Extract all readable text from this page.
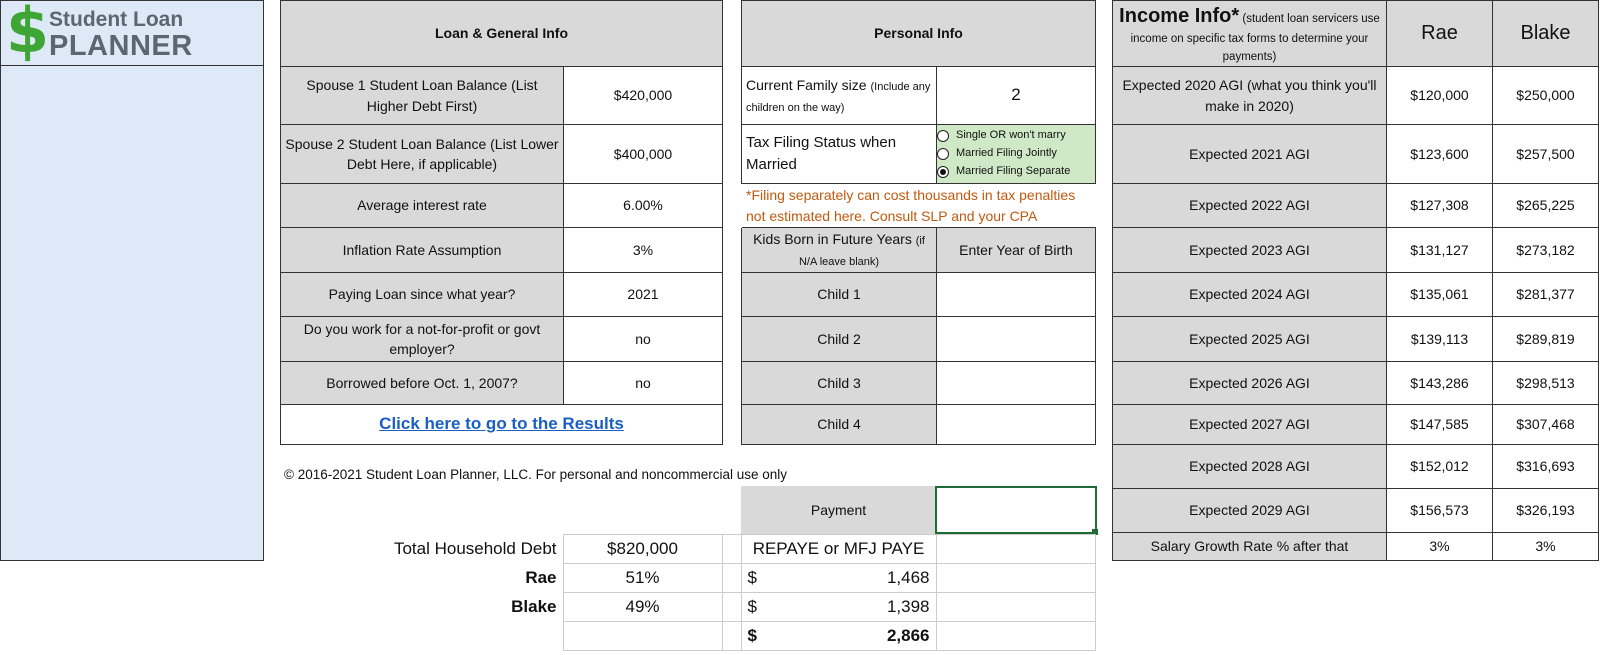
$ Student Loan
PLANNER	Loan & General Info	
Spouse 1 Student Loan Balance (List Higher Debt First)	$420,000
Spouse 2 Student Loan Balance (List Lower Debt Here, if applicable)	$400,000
Average interest rate	6.00%
Inflation Rate Assumption	3%
Paying Loan since what year?	2021
Do you work for a not-for-profit or govt employer?	no
Borrowed before Oct. 1, 2007?	no
Click here to go to the Results	
Personal Info	
Current Family size (Include any children on the way)	2
Tax Filing Status when Married	Single OR won't marry
Married Filing Jointly
Married Filing Separate

*Filing separately can cost thousands in tax penalties not estimated here. Consult SLP and your CPA	
Kids Born in Future Years (if N/A leave blank)	Enter Year of Birth
Child 1	
Child 2	
Child 3	
Child 4	
Income Info* (student loan servicers use income on specific tax forms to determine your payments)	Rae	Blake
Expected 2020 AGI (what you think you'll make in 2020)	$120,000	$250,000
Expected 2021 AGI	$123,600	$257,500
Expected 2022 AGI	$127,308	$265,225
Expected 2023 AGI	$131,127	$273,182
Expected 2024 AGI	$135,061	$281,377
Expected 2025 AGI	$139,113	$289,819
Expected 2026 AGI	$143,286	$298,513
Expected 2027 AGI	$147,585	$307,468
Expected 2028 AGI	$152,012	$316,693
Expected 2029 AGI	$156,573	$326,193
Salary Growth Rate % after that	3%	3%
© 2016-2021 Student Loan Planner, LLC. For personal and noncommercial use only
Payment
Total Household Debt	$820,000		REPAYE or MFJ PAYE	
Rae	51%		$ 1,468	

Blake	49%		$ 1,398	

			$ 2,866	
